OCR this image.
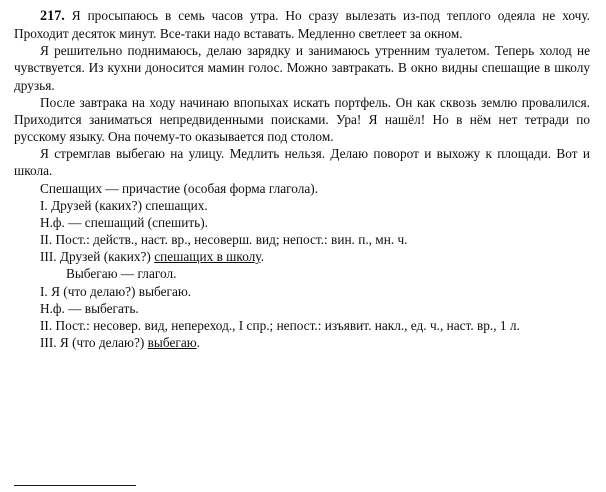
217. Я просыпаюсь в семь часов утра. Но сразу вылезать из-под теплого одеяла не хочу. Проходит десяток минут. Все-таки надо вставать. Медленно светлеет за окном.

Я решительно поднимаюсь, делаю зарядку и занимаюсь утренним туалетом. Теперь холод не чувствуется. Из кухни доносится мамин голос. Можно завтракать. В окно видны спешащие в школу друзья.

После завтрака на ходу начинаю впопыхах искать портфель. Он как сквозь землю провалился. Приходится заниматься непредвиденными поисками. Ура! Я нашёл! Но в нём нет тетради по русскому языку. Она почему-то оказывается под столом.

Я стремглав выбегаю на улицу. Медлить нельзя. Делаю поворот и выхожу к площади. Вот и школа.

Спешащих — причастие (особая форма глагола).

I. Друзей (каких?) спешащих.

Н.ф. — спешащий (спешить).

II. Пост.: действ., наст. вр., несоверш. вид; непост.: вин. п., мн. ч.

III. Друзей (каких?) спешащих в школу.

Выбегаю — глагол.

I. Я (что делаю?) выбегаю.

Н.ф. — выбегать.

II. Пост.: несовер. вид, непереход., I спр.; непост.: изъявит. накл., ед. ч., наст. вр., 1 л.

III. Я (что делаю?) выбегаю.
